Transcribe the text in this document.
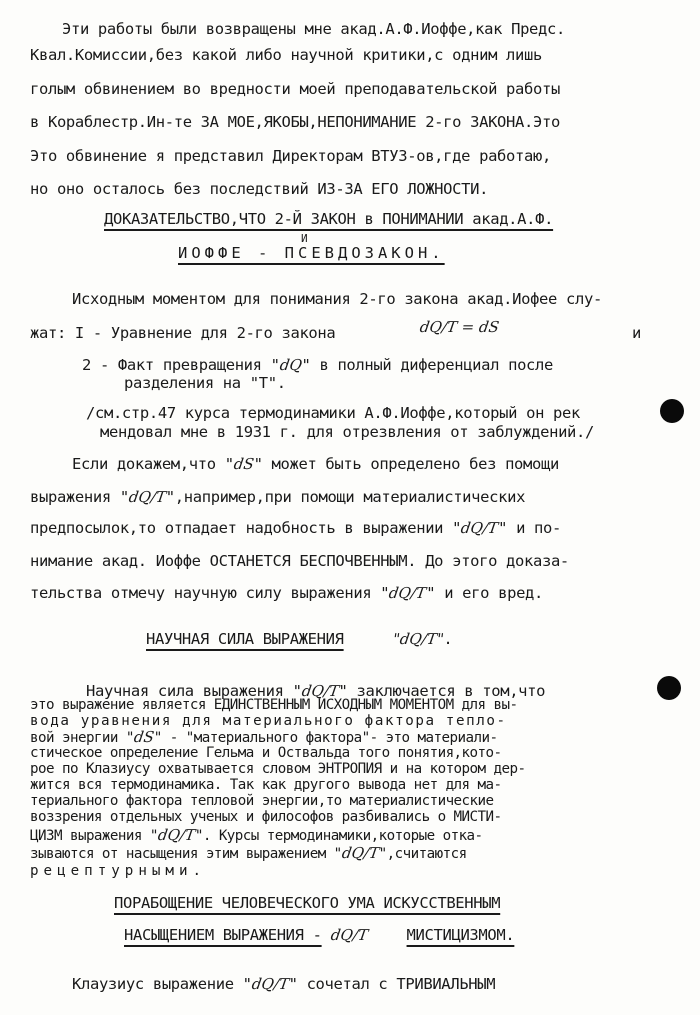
Эти работы были возвращены мне акад.А.Ф.Иоффе,как Предс.
Квал.Комиссии,без какой либо научной критики,с одним лишь
голым обвинением во вредности моей преподавательской работы
в Кораблестр.Ин-те ЗА МОЕ,ЯКОБЫ,НЕПОНИМАНИЕ 2-го ЗАКОНА.Это
Это обвинение я представил Директорам ВТУЗ-ов,где работаю,
но оно осталось без последствий ИЗ-ЗА ЕГО ЛОЖНОСТИ.
ДОКАЗАТЕЛЬСТВО,ЧТО 2-Й ЗАКОН в ПОНИМАНИИ акад.А.Ф.
И
ИОФФЕ - ПСЕВДОЗАКОН.
Исходным моментом для понимания 2-го закона акад.Иофее слу-
жат: I - Уравнение для 2-го закона	dQ/T = dS	и
2 - Факт превращения "dQ" в полный диференциал после
разделения на "Т".
/см.стр.47 курса термодинамики А.Ф.Иоффе,который он рек
мендовал мне в 1931 г. для отрезвления от заблуждений./
Если докажем,что "dS" может быть определено без помощи
выражения "dQ/T",например,при помощи материалистических
предпосылок,то отпадает надобность в выражении "dQ/T" и по-
нимание акад. Иоффе ОСТАНЕТСЯ БЕСПОЧВЕННЫМ. До этого доказа-
тельства отмечу научную силу выражения "dQ/T" и его вред.
НАУЧНАЯ СИЛА ВЫРАЖЕНИЯ	"dQ/T".
Научная сила выражения "dQ/T" заключается в том,что
это выражение является ЕДИНСТВЕННЫМ ИСХОДНЫМ МОМЕНТОМ для вы-
вода уравнения для материального фактора тепло-
вой энергии "dS" - "материального фактора"- это материали-
стическое определение Гельма и Оствальда того понятия,кото-
рое по Клазиусу охватывается словом ЭНТРОПИЯ и на котором дер-
жится вся термодинамика. Так как другого вывода нет для ма-
териального фактора тепловой энергии,то материалистические
воззрения отдельных ученых и философов разбивались о МИСТИ-
ЦИЗМ выражения "dQ/T". Курсы термодинамики,которые отка-
зываются от насыщения этим выражением "dQ/T",считаются
рецептурными.
ПОРАБОЩЕНИЕ ЧЕЛОВЕЧЕСКОГО УМА ИСКУССТВЕННЫМ
НАСЫЩЕНИЕМ ВЫРАЖЕНИЯ - dQ/T МИСТИЦИЗМОМ.
Клаузиус выражение "dQ/T" сочетал с ТРИВИАЛЬНЫМ
